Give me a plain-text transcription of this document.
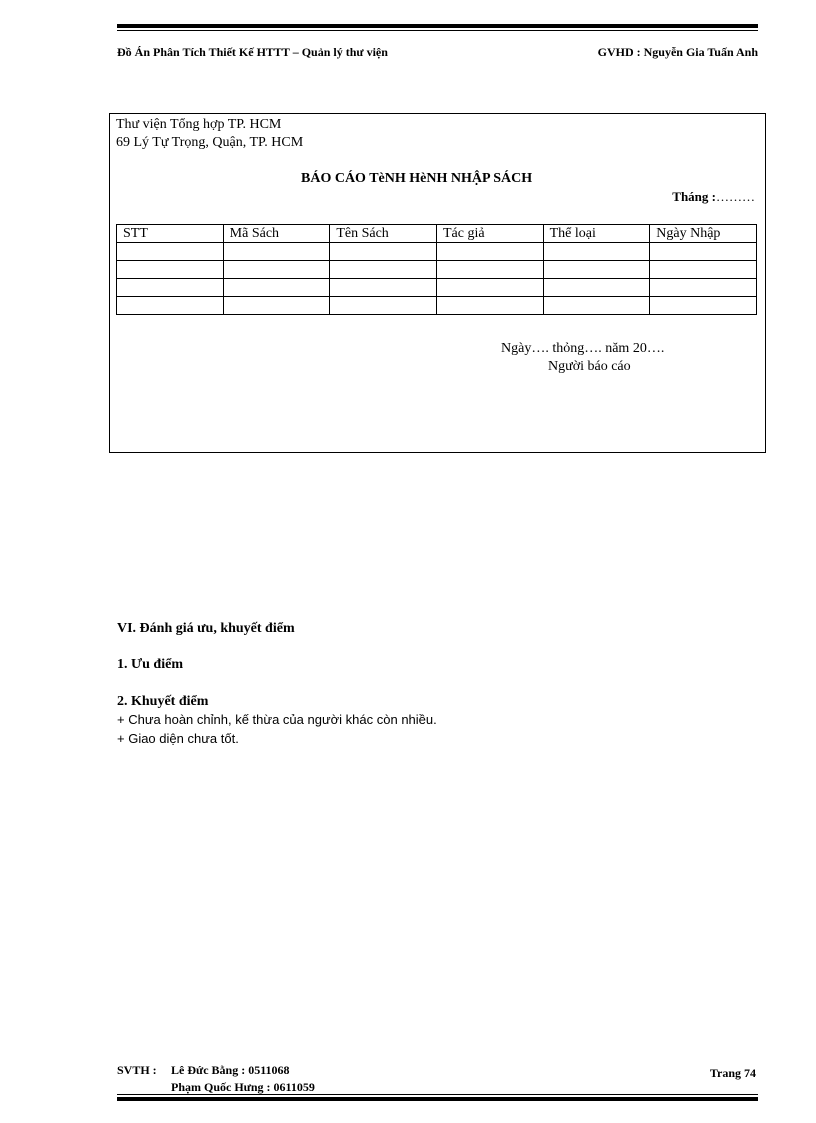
Đồ Án Phân Tích Thiết Kế HTTT – Quản lý thư viện	GVHD : Nguyễn Gia Tuấn Anh
Thư viện Tổng hợp TP. HCM
69 Lý Tự Trọng, Quận, TP. HCM
BÁO CÁO TèNH HèNH NHẬP SÁCH
Tháng :………
STT	Mã Sách	Tên Sách	Tác giả	Thể loại	Ngày Nhập

Ngày…. thỏng…. năm 20….
Người báo cáo
VI. Đánh giá ưu, khuyết điểm
1. Ưu điểm
2. Khuyết điểm
+ Chưa hoàn chỉnh, kế thừa của người khác còn nhiều.
+ Giao diện chưa tốt.
SVTH : Lê Đức Bằng : 0511068
Phạm Quốc Hưng : 0611059
Trang 74
